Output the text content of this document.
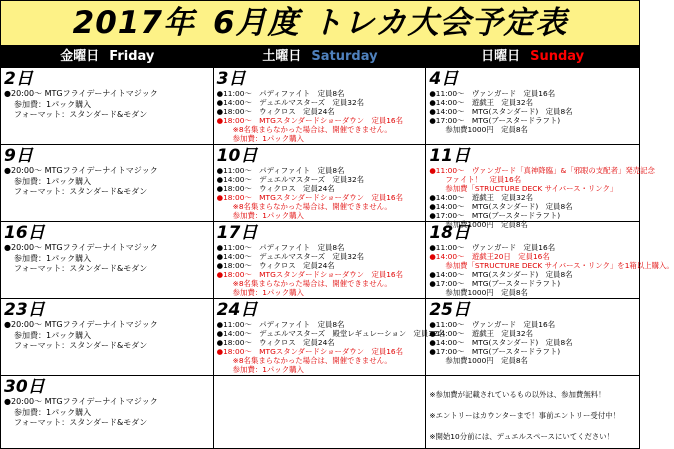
2017年 6月度 トレカ大会予定表
金曜日 Friday	土曜日 Saturday	日曜日 Sunday
2日
●20:00〜 MTGフライデーナイトマジック
参加費：1パック購入
フォーマット：スタンダード&モダン
3日
●11:00〜　パディファイト　定員8名
●14:00〜　デュエルマスターズ　定員32名
●18:00〜　ウィクロス　定員24名
●18:00〜　MTGスタンダードショーダウン　定員16名
※8名集まらなかった場合は、開催できません。
参加費：1パック購入
4日
●11:00〜　ヴァンガード　定員16名
●14:00〜　遊戯王　定員32名
●14:00〜　MTG(スタンダード)　定員8名
●17:00〜　MTG(ブースタードラフト)
参加費1000円　定員8名
9日
●20:00〜 MTGフライデーナイトマジック
参加費：1パック購入
フォーマット：スタンダード&モダン
10日
●11:00〜　パディファイト　定員8名
●14:00〜　デュエルマスターズ　定員32名
●18:00〜　ウィクロス　定員24名
●18:00〜　MTGスタンダードショーダウン　定員16名
※8名集まらなかった場合は、開催できません。
参加費：1パック購入
11日
●11:00〜　ヴァンガード「真神降臨」&「邪眼の支配者」発売記念
ファイト！　定員16名
参加費「STRUCTURE DECK サイバース・リンク」
●14:00〜　遊戯王　定員32名
●14:00〜　MTG(スタンダード)　定員8名
●17:00〜　MTG(ブースタードラフト)
参加費1000円　定員8名
16日
●20:00〜 MTGフライデーナイトマジック
参加費：1パック購入
フォーマット：スタンダード&モダン
17日
●11:00〜　パディファイト　定員8名
●14:00〜　デュエルマスターズ　定員32名
●18:00〜　ウィクロス　定員24名
●18:00〜　MTGスタンダードショーダウン　定員16名
※8名集まらなかった場合は、開催できません。
参加費：1パック購入
18日
●11:00〜　ヴァンガード　定員16名
●14:00〜　遊戯王20日　定員16名
参加費「STRUCTURE DECK サイバース・リンク」を1箱以上購入。
●14:00〜　MTG(スタンダード)　定員8名
●17:00〜　MTG(ブースタードラフト)
参加費1000円　定員8名
23日
●20:00〜 MTGフライデーナイトマジック
参加費：1パック購入
フォーマット：スタンダード&モダン
24日
●11:00〜　パディファイト　定員8名
●14:00〜　デュエルマスターズ　殿堂レギュレーション　定員32名
●18:00〜　ウィクロス　定員24名
●18:00〜　MTGスタンダードショーダウン　定員16名
※8名集まらなかった場合は、開催できません。
参加費：1パック購入
25日
●11:00〜　ヴァンガード　定員16名
●14:00〜　遊戯王　定員32名
●14:00〜　MTG(スタンダード)　定員8名
●17:00〜　MTG(ブースタードラフト)
参加費1000円　定員8名
30日
●20:00〜 MTGフライデーナイトマジック
参加費：1パック購入
フォーマット：スタンダード&モダン
※参加費が記載されているもの以外は、参加費無料！
※エントリーはカウンターまで！事前エントリー受付中！
※開始10分前には、デュエルスペースにいてください！
